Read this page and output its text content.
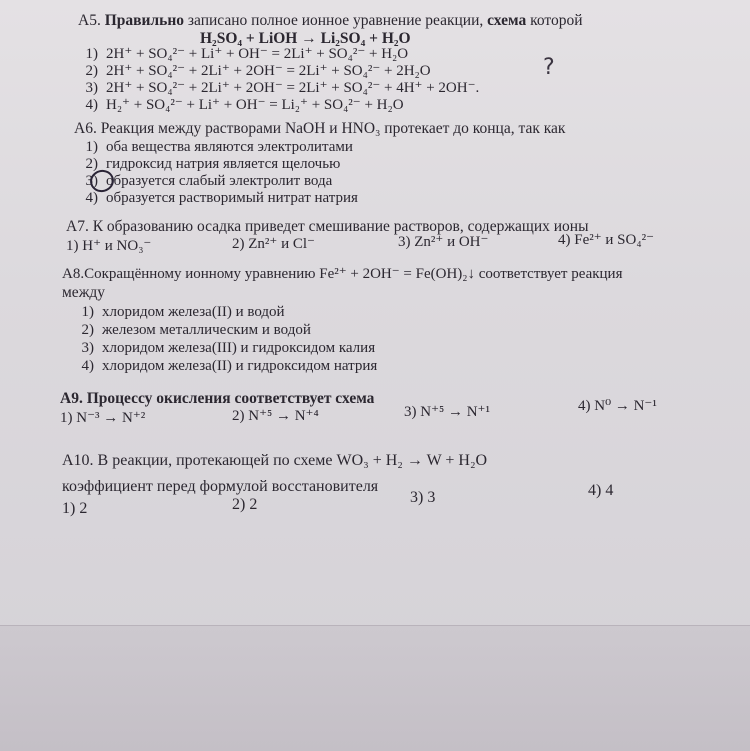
A5. Правильно записано полное ионное уравнение реакции, схема которой
H₂SO₄ + LiOH → Li₂SO₄ + H₂O
1) 2H⁺ + SO₄²⁻ + Li⁺ + OH⁻ = 2Li⁺ + SO₄²⁻ + H₂O
2) 2H⁺ + SO₄²⁻ + 2Li⁺ + 2OH⁻ = 2Li⁺ + SO₄²⁻ + 2H₂O
3) 2H⁺ + SO₄²⁻ + 2Li⁺ + 2OH⁻ = 2Li⁺ + SO₄²⁻ + 4H⁺ + 2OH⁻.
4) H₂⁺ + SO₄²⁻ + Li⁺ + OH⁻ = Li₂⁺ + SO₄²⁻ + H₂O
?
A6. Реакция между растворами NaOH и HNO₃ протекает до конца, так как
1) оба вещества являются электролитами
2) гидроксид натрия является щелочью
3) образуется слабый электролит вода
4) образуется растворимый нитрат натрия
A7. К образованию осадка приведет смешивание растворов, содержащих ионы
1) H⁺ и NO₃⁻	2) Zn²⁺ и Cl⁻	3) Zn²⁺ и OH⁻	4) Fe²⁺ и SO₄²⁻
A8.Сокращённому ионному уравнению Fe²⁺ + 2OH⁻ = Fe(OH)₂↓ соответствует реакция
между
1) хлоридом железа(II) и водой
2) железом металлическим и водой
3) хлоридом железа(III) и гидроксидом калия
4) хлоридом железа(II) и гидроксидом натрия
A9. Процессу окисления соответствует схема
1) N⁻³ → N⁺²	2) N⁺⁵ → N⁺⁴	3) N⁺⁵ → N⁺¹	4) N⁰ → N⁻¹
A10. В реакции, протекающей по схеме WO₃ + H₂ → W + H₂O
коэффициент перед формулой восстановителя
1) 2	2) 2	3) 3	4) 4
